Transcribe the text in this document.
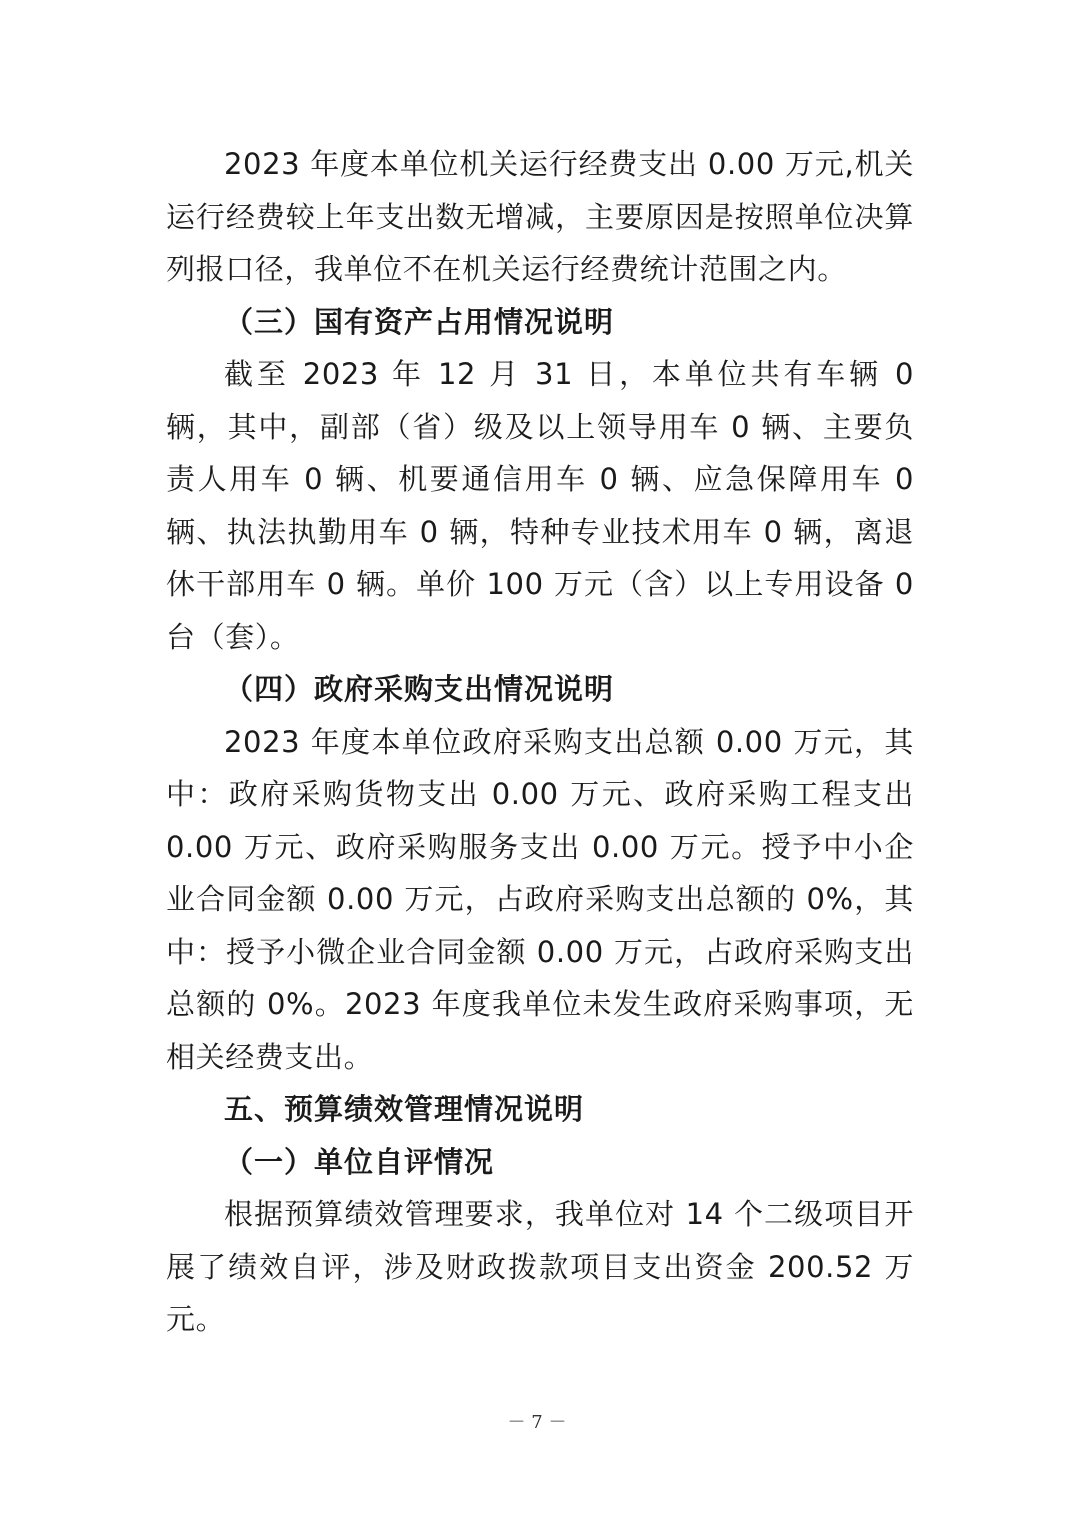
2023 年度本单位机关运行经费支出 0.00 万元,机关运行经费较上年支出数无增减，主要原因是按照单位决算列报口径，我单位不在机关运行经费统计范围之内。

（三）国有资产占用情况说明

截至 2023 年 12 月 31 日，本单位共有车辆 0 辆，其中，副部（省）级及以上领导用车 0 辆、主要负责人用车 0 辆、机要通信用车 0 辆、应急保障用车 0 辆、执法执勤用车 0 辆，特种专业技术用车 0 辆，离退休干部用车 0 辆。单价 100 万元（含）以上专用设备 0 台（套）。

（四）政府采购支出情况说明

2023 年度本单位政府采购支出总额 0.00 万元，其中：政府采购货物支出 0.00 万元、政府采购工程支出 0.00 万元、政府采购服务支出 0.00 万元。授予中小企业合同金额 0.00 万元，占政府采购支出总额的 0%，其中：授予小微企业合同金额 0.00 万元，占政府采购支出总额的 0%。2023 年度我单位未发生政府采购事项，无相关经费支出。

五、预算绩效管理情况说明

（一）单位自评情况

根据预算绩效管理要求，我单位对 14 个二级项目开展了绩效自评，涉及财政拨款项目支出资金 200.52 万元。

－ 7 －
